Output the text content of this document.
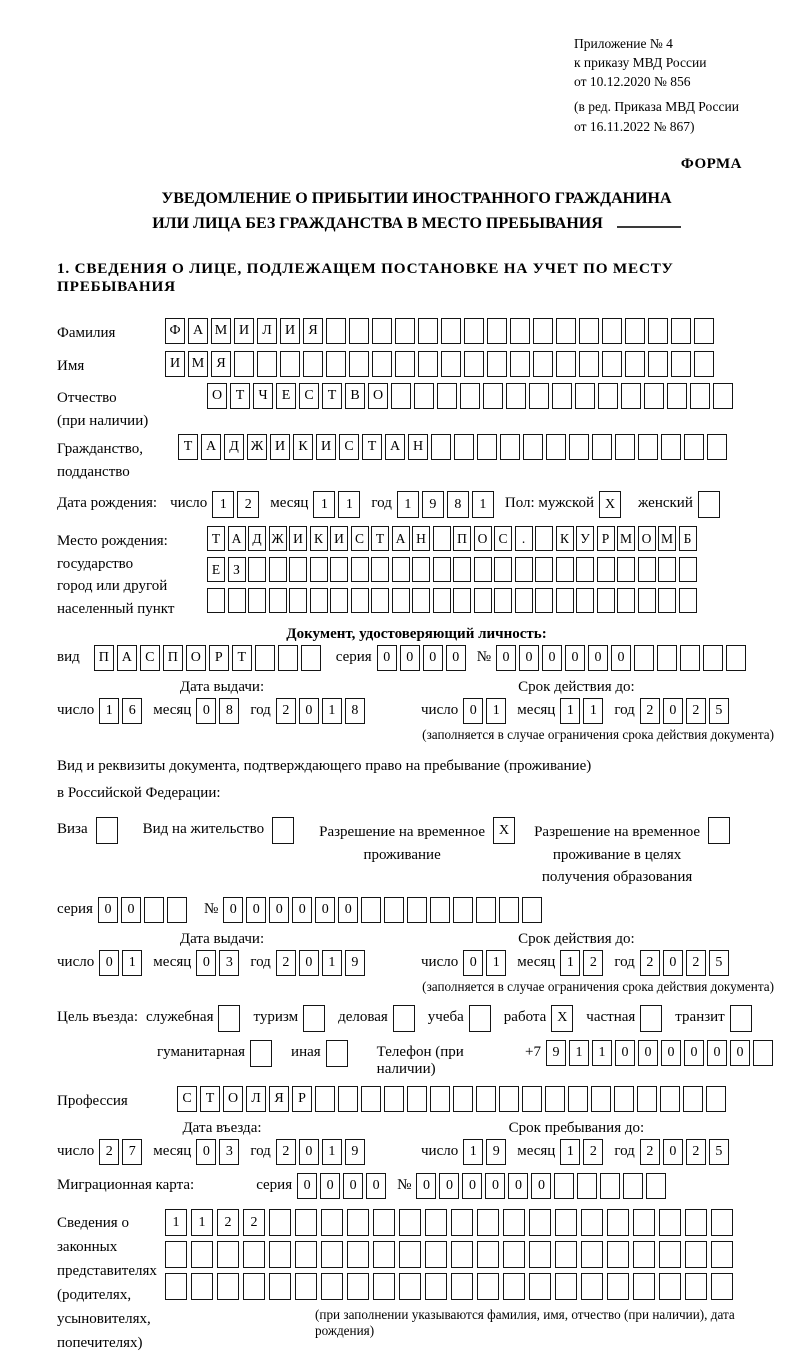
Приложение № 4
к приказу МВД России
от 10.12.2020 № 856
(в ред. Приказа МВД России
от 16.11.2022 № 867)
ФОРМА
УВЕДОМЛЕНИЕ О ПРИБЫТИИ ИНОСТРАННОГО ГРАЖДАНИНА
ИЛИ ЛИЦА БЕЗ ГРАЖДАНСТВА В МЕСТО ПРЕБЫВАНИЯ
1. СВЕДЕНИЯ О ЛИЦЕ, ПОДЛЕЖАЩЕМ ПОСТАНОВКЕ НА УЧЕТ ПО МЕСТУ ПРЕБЫВАНИЯ
Фамилия	Ф А М И Л И Я
Имя	И М Я
Отчество
(при наличии)
О Т	Ч	Е	С	Т	В О
Гражданство,
подданство
Т А Д Ж И К И С	Т А Н
Дата рождения: число 1	2	месяц 1	1	год 1	9	8	1	Пол: мужской X	женский
Место рождения:
государство
город или другой
населенный пункт
Т А Д Ж И К И С Т А Н	П О С	.	К У Р М О М Б

Е З

Документ, удостоверяющий личность:
вид	П А С П О	Р	Т	серия 0	0	0	0	№ 0	0	0	0	0	0
Дата выдачи:
число 1	6	месяц 0	8	год 2	0	1	8
Срок действия до:
число 0	1	месяц 1	1	год 2	0	2	5
(заполняется в случае ограничения срока действия документа)
Вид и реквизиты документа, подтверждающего право на пребывание (проживание)
в Российской Федерации:
Виза	Вид на жительство	Разрешение на временное
проживание
X	Разрешение на временное
проживание в целях
получения образования
серия 0	0	№ 0	0	0	0	0	0
Дата выдачи:
число 0	1	месяц 0	3	год 2	0	1	9
Срок действия до:
число 0	1	месяц 1	2	год 2	0	2	5
(заполняется в случае ограничения срока действия документа)
Цель въезда: служебная	туризм	деловая	учеба	работа X	частная	транзит
гуманитарная	иная	Телефон (при наличии)
+7 9	1	1	0	0	0	0	0	0
Профессия	С	Т О Л Я	Р
Дата въезда:
число 2	7	месяц 0	3	год 2	0	1	9
Срок пребывания до:
число 1	9	месяц 1	2	год 2	0	2	5
Миграционная карта:	серия 0	0	0	0	№ 0	0	0	0	0	0
Сведения о
законных
представителях
(родителях,
усыновителях,
попечителях)
1	1	2	2

(при заполнении указываются фамилия, имя, отчество (при наличии), дата рождения)
